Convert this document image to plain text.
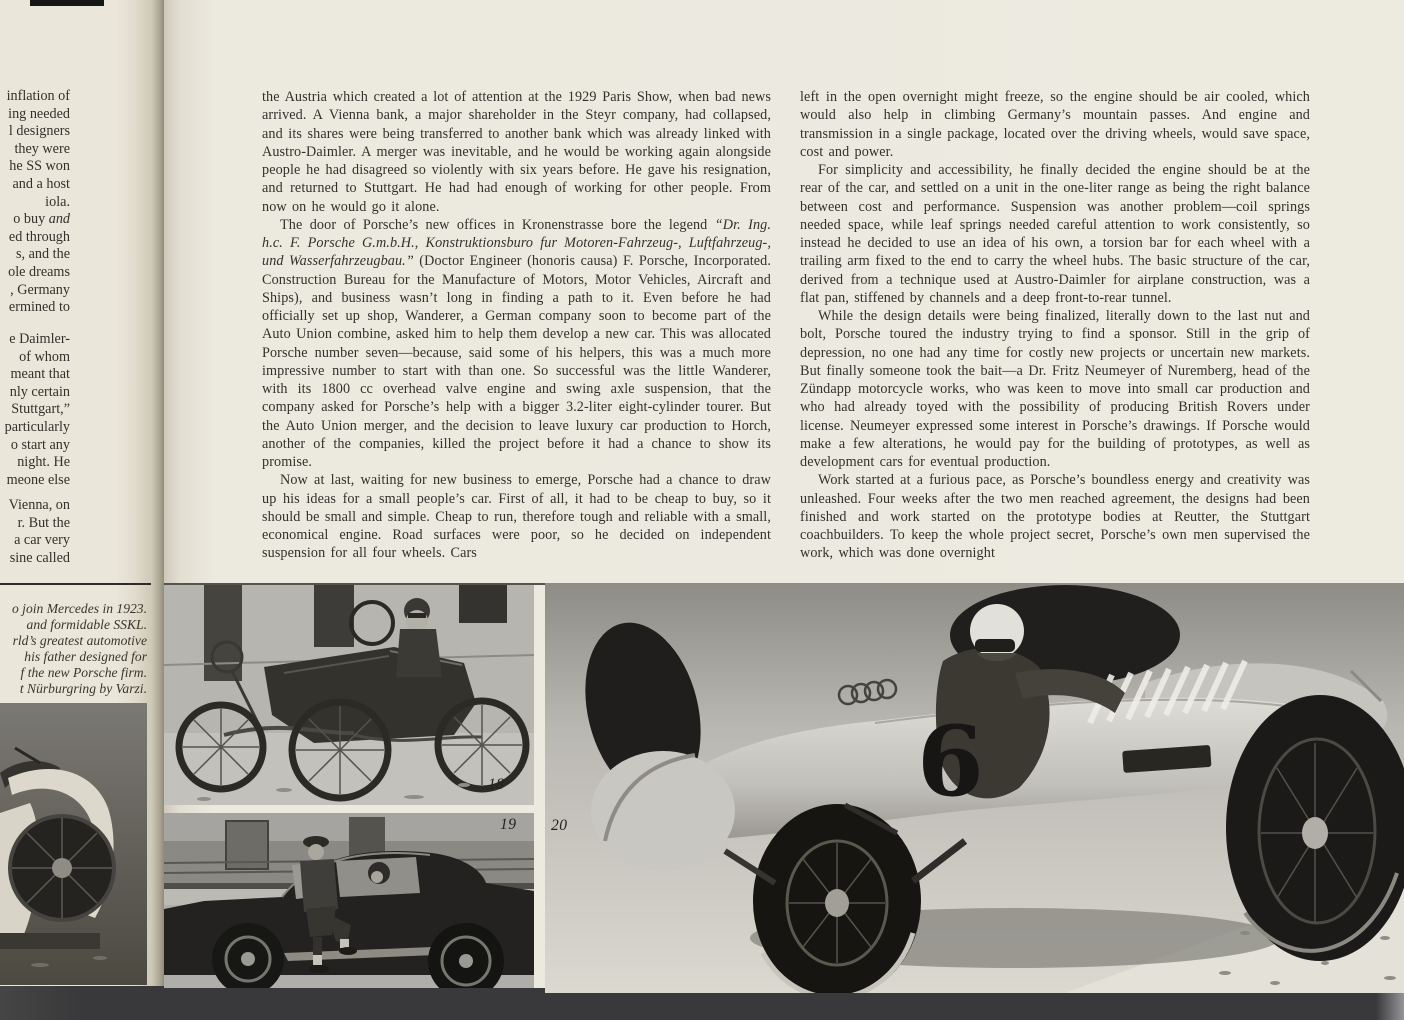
inflation of
ing needed
l designers
they were
he SS won
and a host
iola.
o buy and
ed through
s, and the
ole dreams
, Germany
ermined to
e Daimler-
of whom
meant that
nly certain
Stuttgart,”
particularly
o start any
night. He
meone else
Vienna, on
r. But the
a car very
sine called
o join Mercedes in 1923.
and formidable SSKL.
rld’s greatest automotive
his father designed for
f the new Porsche firm.
t Nürburgring by Varzi.

the Austria which created a lot of attention at the 1929 Paris Show, when bad news arrived. A Vienna bank, a major shareholder in the Steyr company, had collapsed, and its shares were being transferred to another bank which was already linked with Austro-Daimler. A merger was inevitable, and he would be working again alongside people he had disagreed so violently with six years before. He gave his resignation, and returned to Stuttgart. He had had enough of working for other people. From now on he would go it alone.

The door of Porsche’s new offices in Kronenstrasse bore the legend “Dr. Ing. h.c. F. Porsche G.m.b.H., Konstruktionsburo fur Motoren-Fahrzeug-, Luftfahrzeug-, und Wasserfahrzeugbau.” (Doctor Engineer (honoris causa) F. Porsche, Incorporated. Construction Bureau for the Manufacture of Motors, Motor Vehicles, Aircraft and Ships), and business wasn’t long in finding a path to it. Even before he had officially set up shop, Wanderer, a German company soon to become part of the Auto Union combine, asked him to help them develop a new car. This was allocated Porsche number seven—because, said some of his helpers, this was a much more impressive number to start with than one. So successful was the little Wanderer, with its 1800 cc overhead valve engine and swing axle suspension, that the company asked for Porsche’s help with a bigger 3.2-liter eight-cylinder tourer. But the Auto Union merger, and the decision to leave luxury car production to Horch, another of the companies, killed the project before it had a chance to show its promise.

Now at last, waiting for new business to emerge, Porsche had a chance to draw up his ideas for a small people’s car. First of all, it had to be cheap to buy, so it should be small and simple. Cheap to run, therefore tough and reliable with a small, economical engine. Road surfaces were poor, so he decided on independent suspension for all four wheels. Cars

left in the open overnight might freeze, so the engine should be air cooled, which would also help in climbing Germany’s mountain passes. And engine and transmission in a single package, located over the driving wheels, would save space, cost and power.

For simplicity and accessibility, he finally decided the engine should be at the rear of the car, and settled on a unit in the one-liter range as being the right balance between cost and performance. Suspension was another problem—coil springs needed space, while leaf springs needed careful attention to work consistently, so instead he decided to use an idea of his own, a torsion bar for each wheel with a trailing arm fixed to the end to carry the wheel hubs. The basic structure of the car, derived from a technique used at Austro-Daimler for airplane construction, was a flat pan, stiffened by channels and a deep front-to-rear tunnel.

While the design details were being finalized, literally down to the last nut and bolt, Porsche toured the industry trying to find a sponsor. Still in the grip of depression, no one had any time for costly new projects or uncertain new markets. But finally someone took the bait—a Dr. Fritz Neumeyer of Nuremberg, head of the Zündapp motorcycle works, who was keen to move into small car production and who had already toyed with the possibility of producing British Rovers under license. Neumeyer expressed some interest in Porsche’s drawings. If Porsche would make a few alterations, he would pay for the building of prototypes, as well as development cars for eventual production.

Work started at a furious pace, as Porsche’s boundless energy and creativity was unleashed. Four weeks after the two men reached agreement, the designs had been finished and work started on the prototype bodies at Reutter, the Stuttgart coachbuilders. To keep the whole project secret, Porsche’s own men supervised the work, which was done overnight

6
18
19 20
